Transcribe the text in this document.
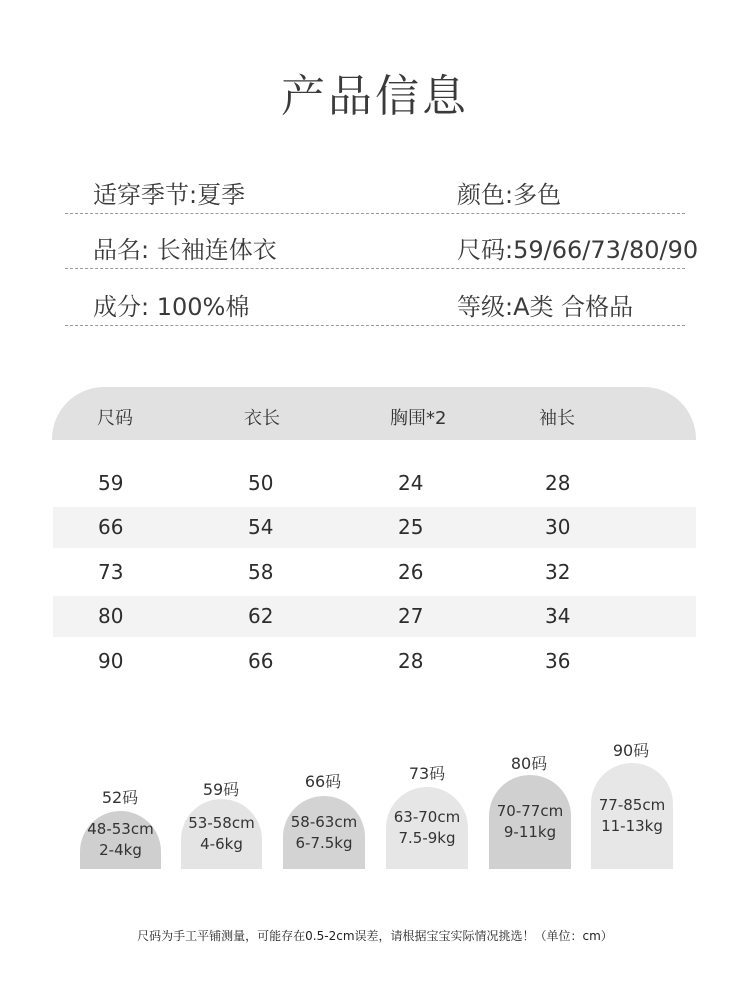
产品信息
适穿季节:夏季	颜色:多色
品名: 长袖连体衣	尺码:59/66/73/80/90
成分: 100%棉	等级:A类 合格品
尺码	衣长	胸围*2	袖长
59	50	24	28
66	54	25	30
73	58	26	32
80	62	27	34
90	66	28	36
52码
48-53cm
2-4kg
59码
53-58cm
4-6kg
66码
58-63cm
6-7.5kg
73码
63-70cm
7.5-9kg
80码
70-77cm
9-11kg
90码
77-85cm
11-13kg
尺码为手工平铺测量，可能存在0.5-2cm误差，请根据宝宝实际情况挑选！（单位：cm）
